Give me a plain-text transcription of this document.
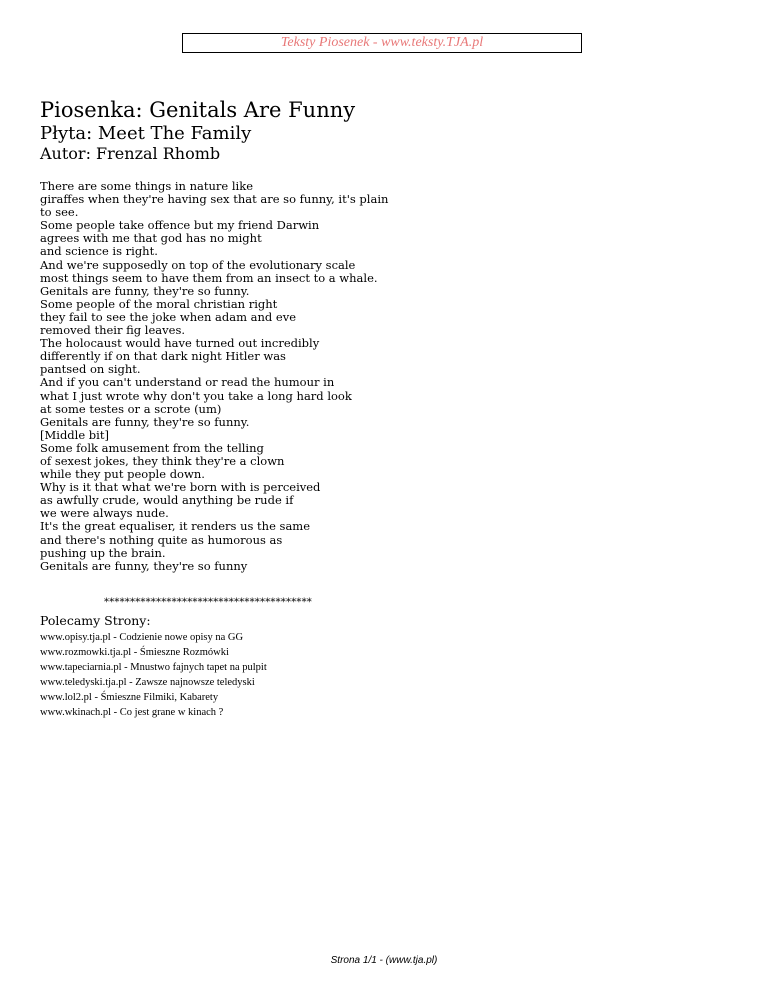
Teksty Piosenek - www.teksty.TJA.pl
Piosenka: Genitals Are Funny
Płyta: Meet The Family
Autor: Frenzal Rhomb
There are some things in nature like
giraffes when they're having sex that are so funny, it's plain
to see.
Some people take offence but my friend Darwin
agrees with me that god has no might
and science is right.
And we're supposedly on top of the evolutionary scale
most things seem to have them from an insect to a whale.
Genitals are funny, they're so funny.
Some people of the moral christian right
they fail to see the joke when adam and eve
removed their fig leaves.
The holocaust would have turned out incredibly
differently if on that dark night Hitler was
pantsed on sight.
And if you can't understand or read the humour in
what I just wrote why don't you take a long hard look
at some testes or a scrote (um)
Genitals are funny, they're so funny.
[Middle bit]
Some folk amusement from the telling
of sexest jokes, they think they're a clown
while they put people down.
Why is it that what we're born with is perceived
as awfully crude, would anything be rude if
we were always nude.
It's the great equaliser, it renders us the same
and there's nothing quite as humorous as
pushing up the brain.
Genitals are funny, they're so funny
****************************************
Polecamy Strony:
www.opisy.tja.pl - Codzienie nowe opisy na GG
www.rozmowki.tja.pl - Śmieszne Rozmówki
www.tapeciarnia.pl - Mnustwo fajnych tapet na pulpit
www.teledyski.tja.pl - Zawsze najnowsze teledyski
www.lol2.pl - Śmieszne Filmiki, Kabarety
www.wkinach.pl - Co jest grane w kinach ?
Strona 1/1 - (www.tja.pl)
